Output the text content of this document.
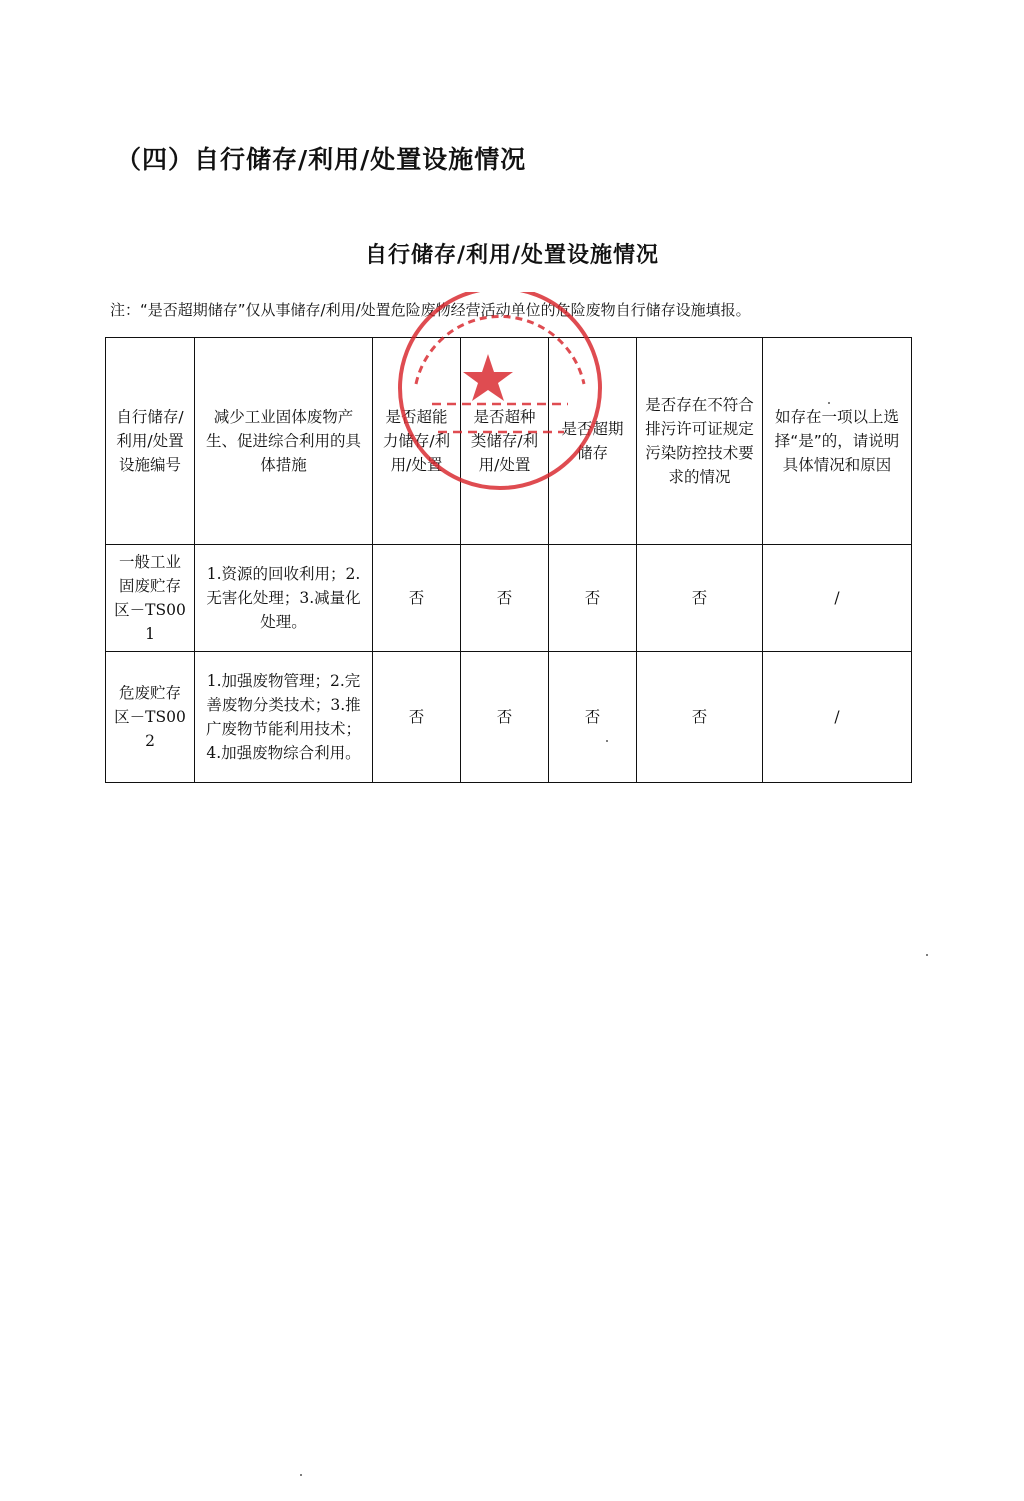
（四）自行储存/利用/处置设施情况
自行储存/利用/处置设施情况
注：“是否超期储存”仅从事储存/利用/处置危险废物经营活动单位的危险废物自行储存设施填报。
自行储存/利用/处置设施编号	减少工业固体废物产生、促进综合利用的具体措施	是否超能力储存/利用/处置	是否超种类储存/利用/处置	是否超期储存	是否存在不符合排污许可证规定污染防控技术要求的情况	如存在一项以上选择“是”的，请说明具体情况和原因
一般工业固废贮存区－TS001	1.资源的回收利用；2.无害化处理；3.减量化处理。	否	否	否	否	/
危废贮存区－TS002	1.加强废物管理；2.完善废物分类技术；3.推广废物节能利用技术；4.加强废物综合利用。	否	否	否	否	/
